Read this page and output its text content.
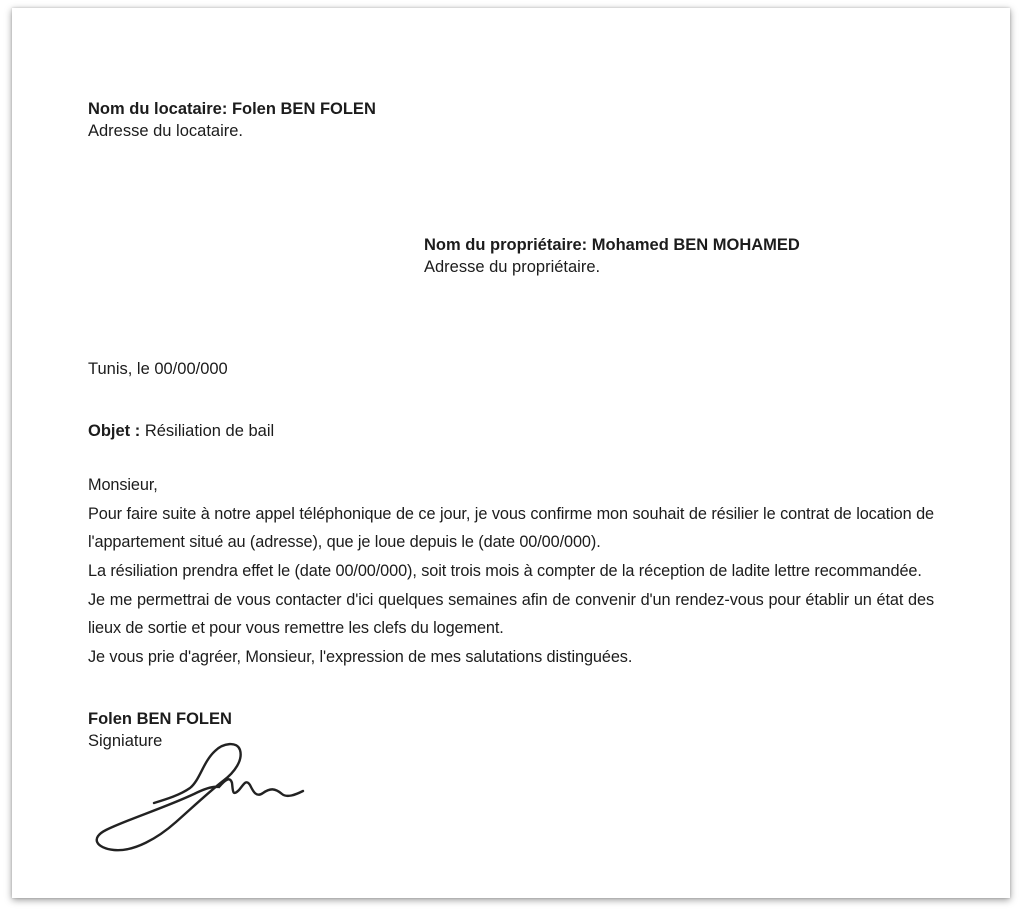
Nom du locataire: Folen BEN FOLEN
Adresse du locataire.
Nom du propriétaire: Mohamed BEN MOHAMED
Adresse du propriétaire.
Tunis, le 00/00/000
Objet : Résiliation de bail

Monsieur,

Pour faire suite à notre appel téléphonique de ce jour, je vous confirme mon souhait de résilier le contrat de location de l'appartement situé au (adresse), que je loue depuis le (date 00/00/000).

La résiliation prendra effet le (date 00/00/000), soit trois mois à compter de la réception de ladite lettre recommandée.

Je me permettrai de vous contacter d'ici quelques semaines afin de convenir d'un rendez-vous pour établir un état des lieux de sortie et pour vous remettre les clefs du logement.

Je vous prie d'agréer, Monsieur, l'expression de mes salutations distinguées.

Folen BEN FOLEN
Signiature
